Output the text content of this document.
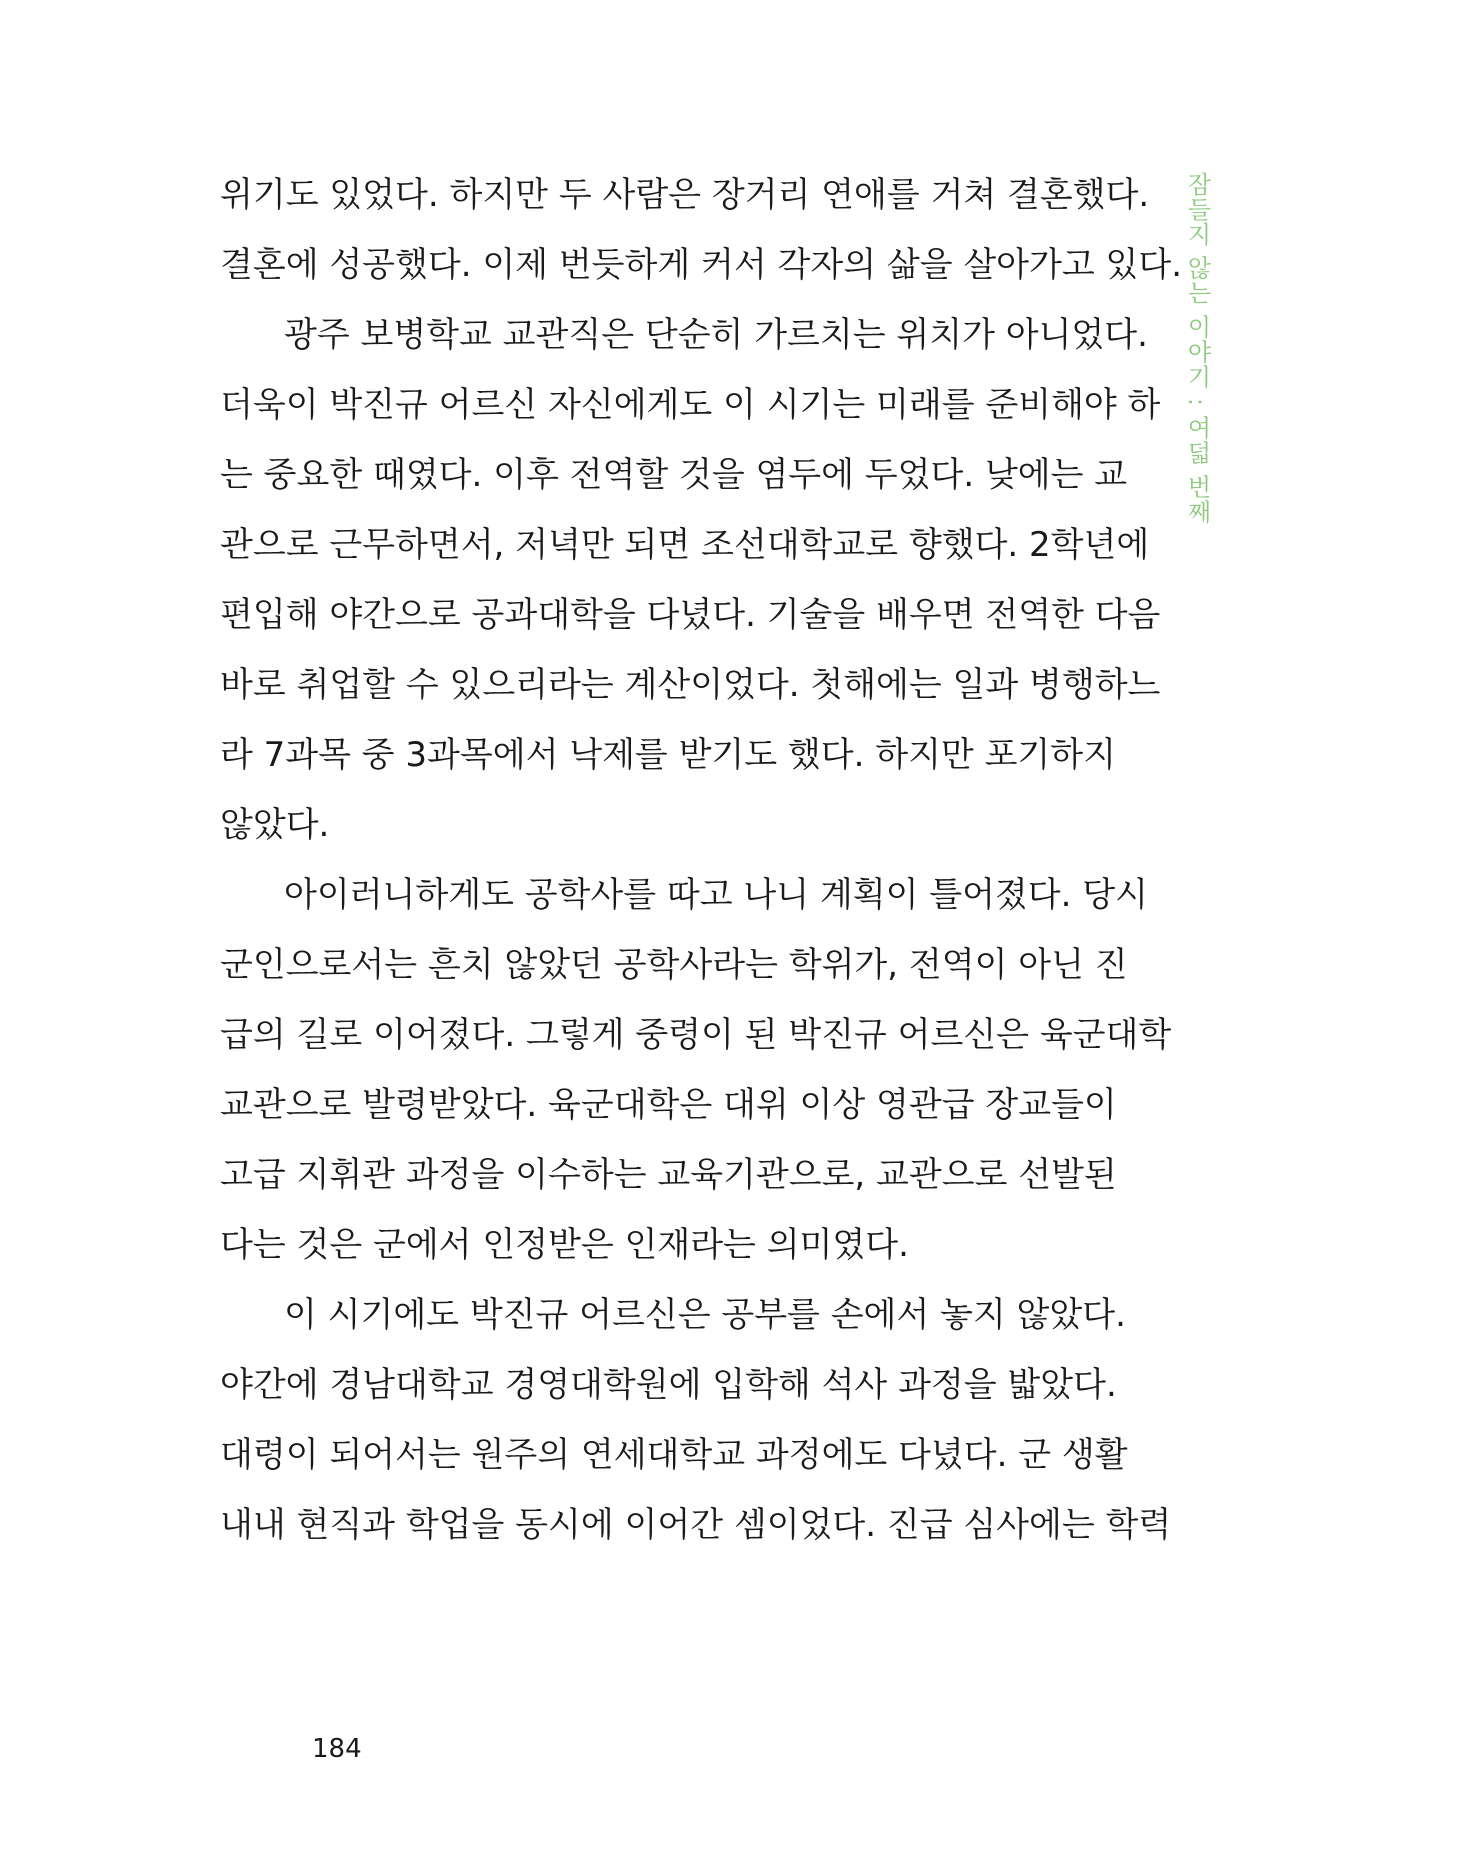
위기도 있었다. 하지만 두 사람은 장거리 연애를 거쳐 결혼했다.
결혼에 성공했다. 이제 번듯하게 커서 각자의 삶을 살아가고 있다.
광주 보병학교 교관직은 단순히 가르치는 위치가 아니었다.
더욱이 박진규 어르신 자신에게도 이 시기는 미래를 준비해야 하
는 중요한 때였다. 이후 전역할 것을 염두에 두었다. 낮에는 교
관으로 근무하면서, 저녁만 되면 조선대학교로 향했다. 2학년에
편입해 야간으로 공과대학을 다녔다. 기술을 배우면 전역한 다음
바로 취업할 수 있으리라는 계산이었다. 첫해에는 일과 병행하느
라 7과목 중 3과목에서 낙제를 받기도 했다. 하지만 포기하지
않았다.
아이러니하게도 공학사를 따고 나니 계획이 틀어졌다. 당시
군인으로서는 흔치 않았던 공학사라는 학위가, 전역이 아닌 진
급의 길로 이어졌다. 그렇게 중령이 된 박진규 어르신은 육군대학
교관으로 발령받았다. 육군대학은 대위 이상 영관급 장교들이
고급 지휘관 과정을 이수하는 교육기관으로, 교관으로 선발된
다는 것은 군에서 인정받은 인재라는 의미였다.
이 시기에도 박진규 어르신은 공부를 손에서 놓지 않았다.
야간에 경남대학교 경영대학원에 입학해 석사 과정을 밟았다.
대령이 되어서는 원주의 연세대학교 과정에도 다녔다. 군 생활
내내 현직과 학업을 동시에 이어간 셈이었다. 진급 심사에는 학력
잠들지 않는 이야기 : 여덟 번째
184
